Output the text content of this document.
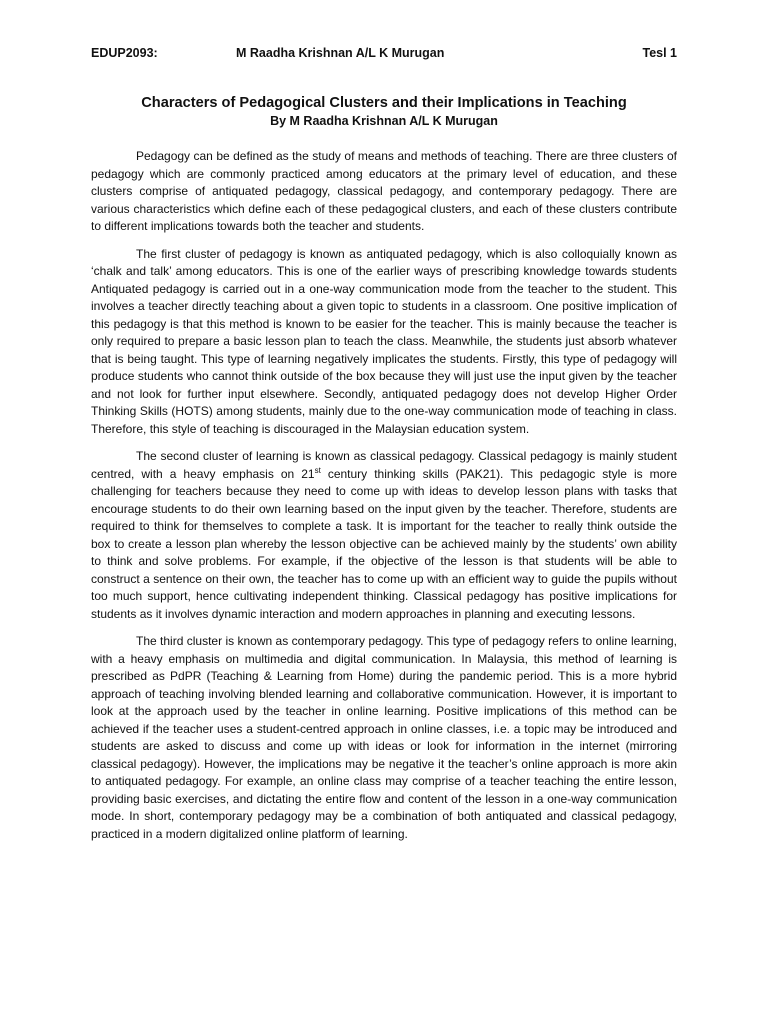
EDUP2093:	M Raadha Krishnan A/L K Murugan	Tesl 1
Characters of Pedagogical Clusters and their Implications in Teaching
By M Raadha Krishnan A/L K Murugan

Pedagogy can be defined as the study of means and methods of teaching. There are three clusters of pedagogy which are commonly practiced among educators at the primary level of education, and these clusters comprise of antiquated pedagogy, classical pedagogy, and contemporary pedagogy. There are various characteristics which define each of these pedagogical clusters, and each of these clusters contribute to different implications towards both the teacher and students.

The first cluster of pedagogy is known as antiquated pedagogy, which is also colloquially known as ‘chalk and talk’ among educators. This is one of the earlier ways of prescribing knowledge towards students Antiquated pedagogy is carried out in a one-way communication mode from the teacher to the student. This involves a teacher directly teaching about a given topic to students in a classroom. One positive implication of this pedagogy is that this method is known to be easier for the teacher. This is mainly because the teacher is only required to prepare a basic lesson plan to teach the class. Meanwhile, the students just absorb whatever that is being taught. This type of learning negatively implicates the students. Firstly, this type of pedagogy will produce students who cannot think outside of the box because they will just use the input given by the teacher and not look for further input elsewhere. Secondly, antiquated pedagogy does not develop Higher Order Thinking Skills (HOTS) among students, mainly due to the one-way communication mode of teaching in class. Therefore, this style of teaching is discouraged in the Malaysian education system.

The second cluster of learning is known as classical pedagogy. Classical pedagogy is mainly student centred, with a heavy emphasis on 21st century thinking skills (PAK21). This pedagogic style is more challenging for teachers because they need to come up with ideas to develop lesson plans with tasks that encourage students to do their own learning based on the input given by the teacher. Therefore, students are required to think for themselves to complete a task. It is important for the teacher to really think outside the box to create a lesson plan whereby the lesson objective can be achieved mainly by the students’ own ability to think and solve problems. For example, if the objective of the lesson is that students will be able to construct a sentence on their own, the teacher has to come up with an efficient way to guide the pupils without too much support, hence cultivating independent thinking. Classical pedagogy has positive implications for students as it involves dynamic interaction and modern approaches in planning and executing lessons.

The third cluster is known as contemporary pedagogy. This type of pedagogy refers to online learning, with a heavy emphasis on multimedia and digital communication. In Malaysia, this method of learning is prescribed as PdPR (Teaching & Learning from Home) during the pandemic period. This is a more hybrid approach of teaching involving blended learning and collaborative communication. However, it is important to look at the approach used by the teacher in online learning. Positive implications of this method can be achieved if the teacher uses a student-centred approach in online classes, i.e. a topic may be introduced and students are asked to discuss and come up with ideas or look for information in the internet (mirroring classical pedagogy). However, the implications may be negative it the teacher’s online approach is more akin to antiquated pedagogy. For example, an online class may comprise of a teacher teaching the entire lesson, providing basic exercises, and dictating the entire flow and content of the lesson in a one-way communication mode. In short, contemporary pedagogy may be a combination of both antiquated and classical pedagogy, practiced in a modern digitalized online platform of learning.
